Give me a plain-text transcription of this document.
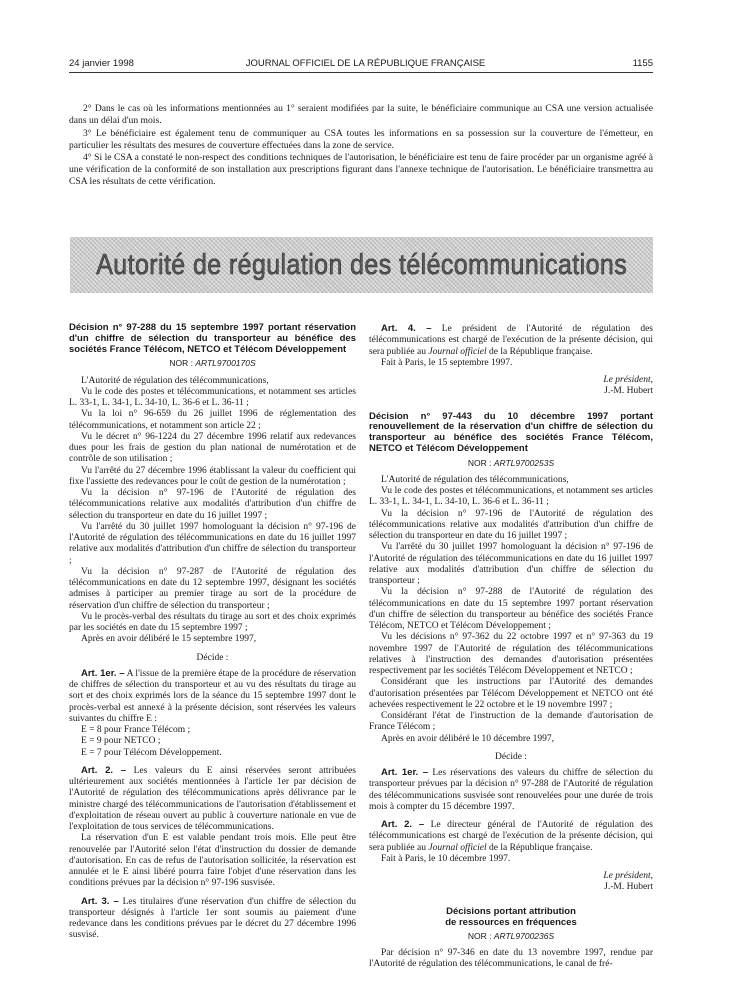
24 janvier 1998	JOURNAL OFFICIEL DE LA RÉPUBLIQUE FRANÇAISE	1155

2° Dans le cas où les informations mentionnées au 1° seraient modifiées par la suite, le bénéficiaire communique au CSA une version actualisée dans un délai d'un mois.

3° Le bénéficiaire est également tenu de communiquer au CSA toutes les informations en sa possession sur la couverture de l'émetteur, en particulier les résultats des mesures de couverture effectuées dans la zone de service.

4° Si le CSA a constaté le non-respect des conditions techniques de l'autorisation, le bénéficiaire est tenu de faire procéder par un organisme agréé à une vérification de la conformité de son installation aux prescriptions figurant dans l'annexe technique de l'autorisation. Le bénéficiaire transmettra au CSA les résultats de cette vérification.

Autorité de régulation des télécommunications

Décision n° 97-288 du 15 septembre 1997 portant réservation d'un chiffre de sélection du transporteur au bénéfice des sociétés France Télécom, NETCO et Télécom Développement

NOR : ARTL9700170S

L'Autorité de régulation des télécommunications,

Vu le code des postes et télécommunications, et notamment ses articles L. 33-1, L. 34-1, L. 34-10, L. 36-6 et L. 36-11 ;

Vu la loi n° 96-659 du 26 juillet 1996 de réglementation des télécommunications, et notamment son article 22 ;

Vu le décret n° 96-1224 du 27 décembre 1996 relatif aux redevances dues pour les frais de gestion du plan national de numérotation et de contrôle de son utilisation ;

Vu l'arrêté du 27 décembre 1996 établissant la valeur du coefficient qui fixe l'assiette des redevances pour le coût de gestion de la numérotation ;

Vu la décision n° 97-196 de l'Autorité de régulation des télécommunications relative aux modalités d'attribution d'un chiffre de sélection du transporteur en date du 16 juillet 1997 ;

Vu l'arrêté du 30 juillet 1997 homologuant la décision n° 97-196 de l'Autorité de régulation des télécommunications en date du 16 juillet 1997 relative aux modalités d'attribution d'un chiffre de sélection du transporteur ;

Vu la décision n° 97-287 de l'Autorité de régulation des télécommunications en date du 12 septembre 1997, désignant les sociétés admises à participer au premier tirage au sort de la procédure de réservation d'un chiffre de sélection du transporteur ;

Vu le procès-verbal des résultats du tirage au sort et des choix exprimés par les sociétés en date du 15 septembre 1997 ;

Après en avoir délibéré le 15 septembre 1997,

Décide :

Art. 1er. – A l'issue de la première étape de la procédure de réservation de chiffres de sélection du transporteur et au vu des résultats du tirage au sort et des choix exprimés lors de la séance du 15 septembre 1997 dont le procès-verbal est annexé à la présente décision, sont réservées les valeurs suivantes du chiffre E :

E = 8 pour France Télécom ;

E = 9 pour NETCO ;

E = 7 pour Télécom Développement.

Art. 2. – Les valeurs du E ainsi réservées seront attribuées ultérieurement aux sociétés mentionnées à l'article 1er par décision de l'Autorité de régulation des télécommunications après délivrance par le ministre chargé des télécommunications de l'autorisation d'établissement et d'exploitation de réseau ouvert au public à couverture nationale en vue de l'exploitation de tous services de télécommunications.

La réservation d'un E est valable pendant trois mois. Elle peut être renouvelée par l'Autorité selon l'état d'instruction du dossier de demande d'autorisation. En cas de refus de l'autorisation sollicitée, la réservation est annulée et le E ainsi libéré pourra faire l'objet d'une réservation dans les conditions prévues par la décision n° 97-196 susvisée.

Art. 3. – Les titulaires d'une réservation d'un chiffre de sélection du transporteur désignés à l'article 1er sont soumis au paiement d'une redevance dans les conditions prévues par le décret du 27 décembre 1996 susvisé.

Art. 4. – Le président de l'Autorité de régulation des télécommunications est chargé de l'exécution de la présente décision, qui sera publiée au Journal officiel de la République française.

Fait à Paris, le 15 septembre 1997.

Le président,

J.-M. Hubert

Décision n° 97-443 du 10 décembre 1997 portant renouvellement de la réservation d'un chiffre de sélection du transporteur au bénéfice des sociétés France Télécom, NETCO et Télécom Développement

NOR : ARTL9700253S

L'Autorité de régulation des télécommunications,

Vu le code des postes et télécommunications, et notamment ses articles L. 33-1, L. 34-1, L. 34-10, L. 36-6 et L. 36-11 ;

Vu la décision n° 97-196 de l'Autorité de régulation des télécommunications relative aux modalités d'attribution d'un chiffre de sélection du transporteur en date du 16 juillet 1997 ;

Vu l'arrêté du 30 juillet 1997 homologuant la décision n° 97-196 de l'Autorité de régulation des télécommunications en date du 16 juillet 1997 relative aux modalités d'attribution d'un chiffre de sélection du transporteur ;

Vu la décision n° 97-288 de l'Autorité de régulation des télécommunications en date du 15 septembre 1997 portant réservation d'un chiffre de sélection du transporteur au bénéfice des sociétés France Télécom, NETCO et Télécom Développement ;

Vu les décisions n° 97-362 du 22 octobre 1997 et n° 97-363 du 19 novembre 1997 de l'Autorité de régulation des télécommunications relatives à l'instruction des demandes d'autorisation présentées respectivement par les sociétés Télécom Développement et NETCO ;

Considérant que les instructions par l'Autorité des demandes d'autorisation présentées par Télécom Développement et NETCO ont été achevées respectivement le 22 octobre et le 19 novembre 1997 ;

Considérant l'état de l'instruction de la demande d'autorisation de France Télécom ;

Après en avoir délibéré le 10 décembre 1997,

Décide :

Art. 1er. – Les réservations des valeurs du chiffre de sélection du transporteur prévues par la décision n° 97-288 de l'Autorité de régulation des télécommunications susvisée sont renouvelées pour une durée de trois mois à compter du 15 décembre 1997.

Art. 2. – Le directeur général de l'Autorité de régulation des télécommunications est chargé de l'exécution de la présente décision, qui sera publiée au Journal officiel de la République française.

Fait à Paris, le 10 décembre 1997.

Le président,

J.-M. Hubert

Décisions portant attribution

de ressources en fréquences

NOR : ARTL9700236S

Par décision n° 97-346 en date du 13 novembre 1997, rendue par l'Autorité de régulation des télécommunications, le canal de fré-
